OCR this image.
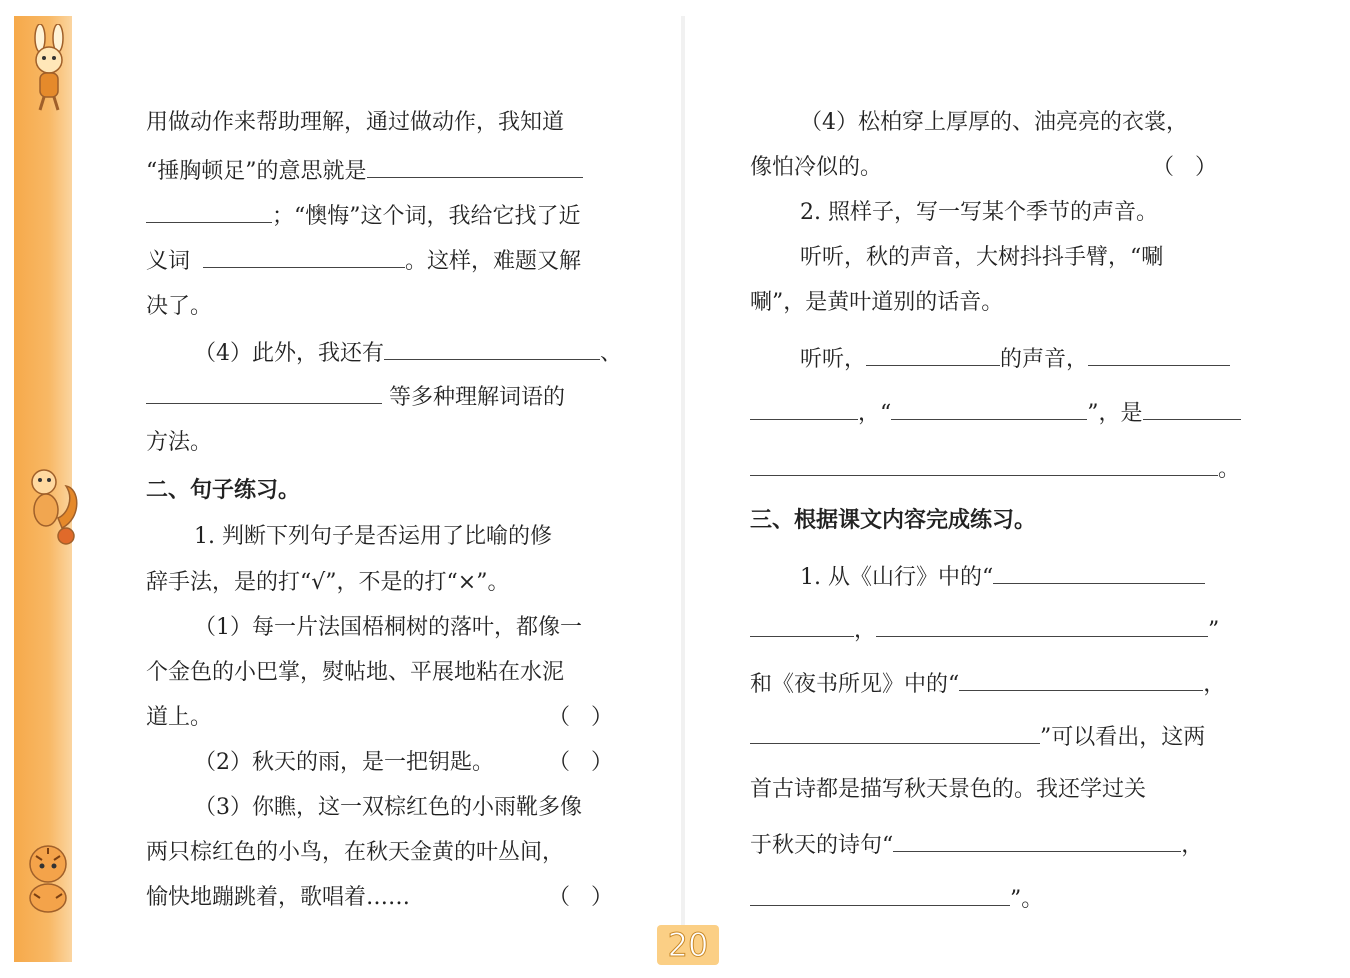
用做动作来帮助理解，通过做动作，我知道
“捶胸顿足”的意思就是
；“懊悔”这个词，我给它找了近
义词	。这样，难题又解
决了。
（4）此外，我还有	、
等多种理解词语的
方法。
二、句子练习。
1. 判断下列句子是否运用了比喻的修
辞手法，是的打“√”，不是的打“×”。
（1）每一片法国梧桐树的落叶，都像一
个金色的小巴掌，熨帖地、平展地粘在水泥
道上。	（   ）
（2）秋天的雨，是一把钥匙。 （   ）
（3）你瞧，这一双棕红色的小雨靴多像
两只棕红色的小鸟，在秋天金黄的叶丛间，
愉快地蹦跳着，歌唱着……	（   ）
（4）松柏穿上厚厚的、油亮亮的衣裳，
像怕冷似的。	（   ）
2. 照样子，写一写某个季节的声音。
听听，秋的声音，大树抖抖手臂，“唰
唰”，是黄叶道别的话音。
听听，	的声音，
，“	”，是
。
三、根据课文内容完成练习。
1. 从《山行》中的“
，	”
和《夜书所见》中的“	，
”可以看出，这两
首古诗都是描写秋天景色的。我还学过关
于秋天的诗句“	，
”。
20
